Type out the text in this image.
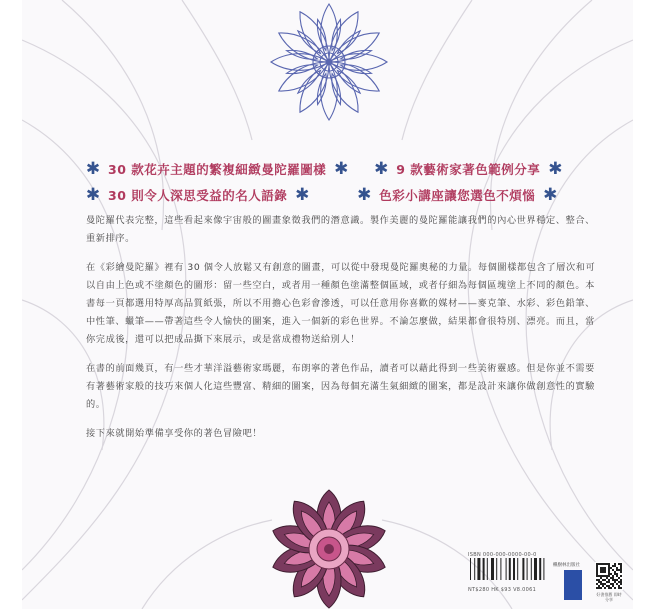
✱ 30 款花卉主題的繁複細緻曼陀羅圖樣 ✱ ✱ 9 款藝術家著色範例分享 ✱
✱ 30 則令人深思受益的名人語錄 ✱	✱ 色彩小講座讓您選色不煩惱 ✱

曼陀羅代表完整，這些看起來像宇宙般的圖畫象徵我們的潛意識。製作美麗的曼陀羅能讓我們的內心世界穩定、整合、重新排序。

在《彩繪曼陀羅》裡有 30 個令人放鬆又有創意的圖畫，可以從中發現曼陀羅奧秘的力量。每個圖樣都包含了層次和可以自由上色或不塗顏色的圖形：留一些空白，或者用一種顏色塗滿整個區域，或者仔細為每個區塊塗上不同的顏色。本書每一頁都選用特厚高品質紙張，所以不用擔心色彩會滲透，可以任意用你喜歡的媒材——麥克筆、水彩、彩色鉛筆、中性筆、蠟筆——帶著這些令人愉快的圖案，進入一個新的彩色世界。不論怎麼做，結果都會很特別、漂亮。而且，當你完成後，還可以把成品撕下來展示，或是當成禮物送給別人！

在書的前面幾頁，有一些才華洋溢藝術家瑪麗，布朗寧的著色作品，讀者可以藉此得到一些美術靈感。但是你並不需要有著藝術家般的技巧來個人化這些豐富、精細的圖案，因為每個充滿生氣細緻的圖案，都是設計來讓你做創意性的實驗的。

接下來就開始準備享受你的著色冒險吧！

ISBN 000-000-0000-00-0
NT$280 HK $93 V8.0061
楓樹林出版社
好書推薦 即時分享
